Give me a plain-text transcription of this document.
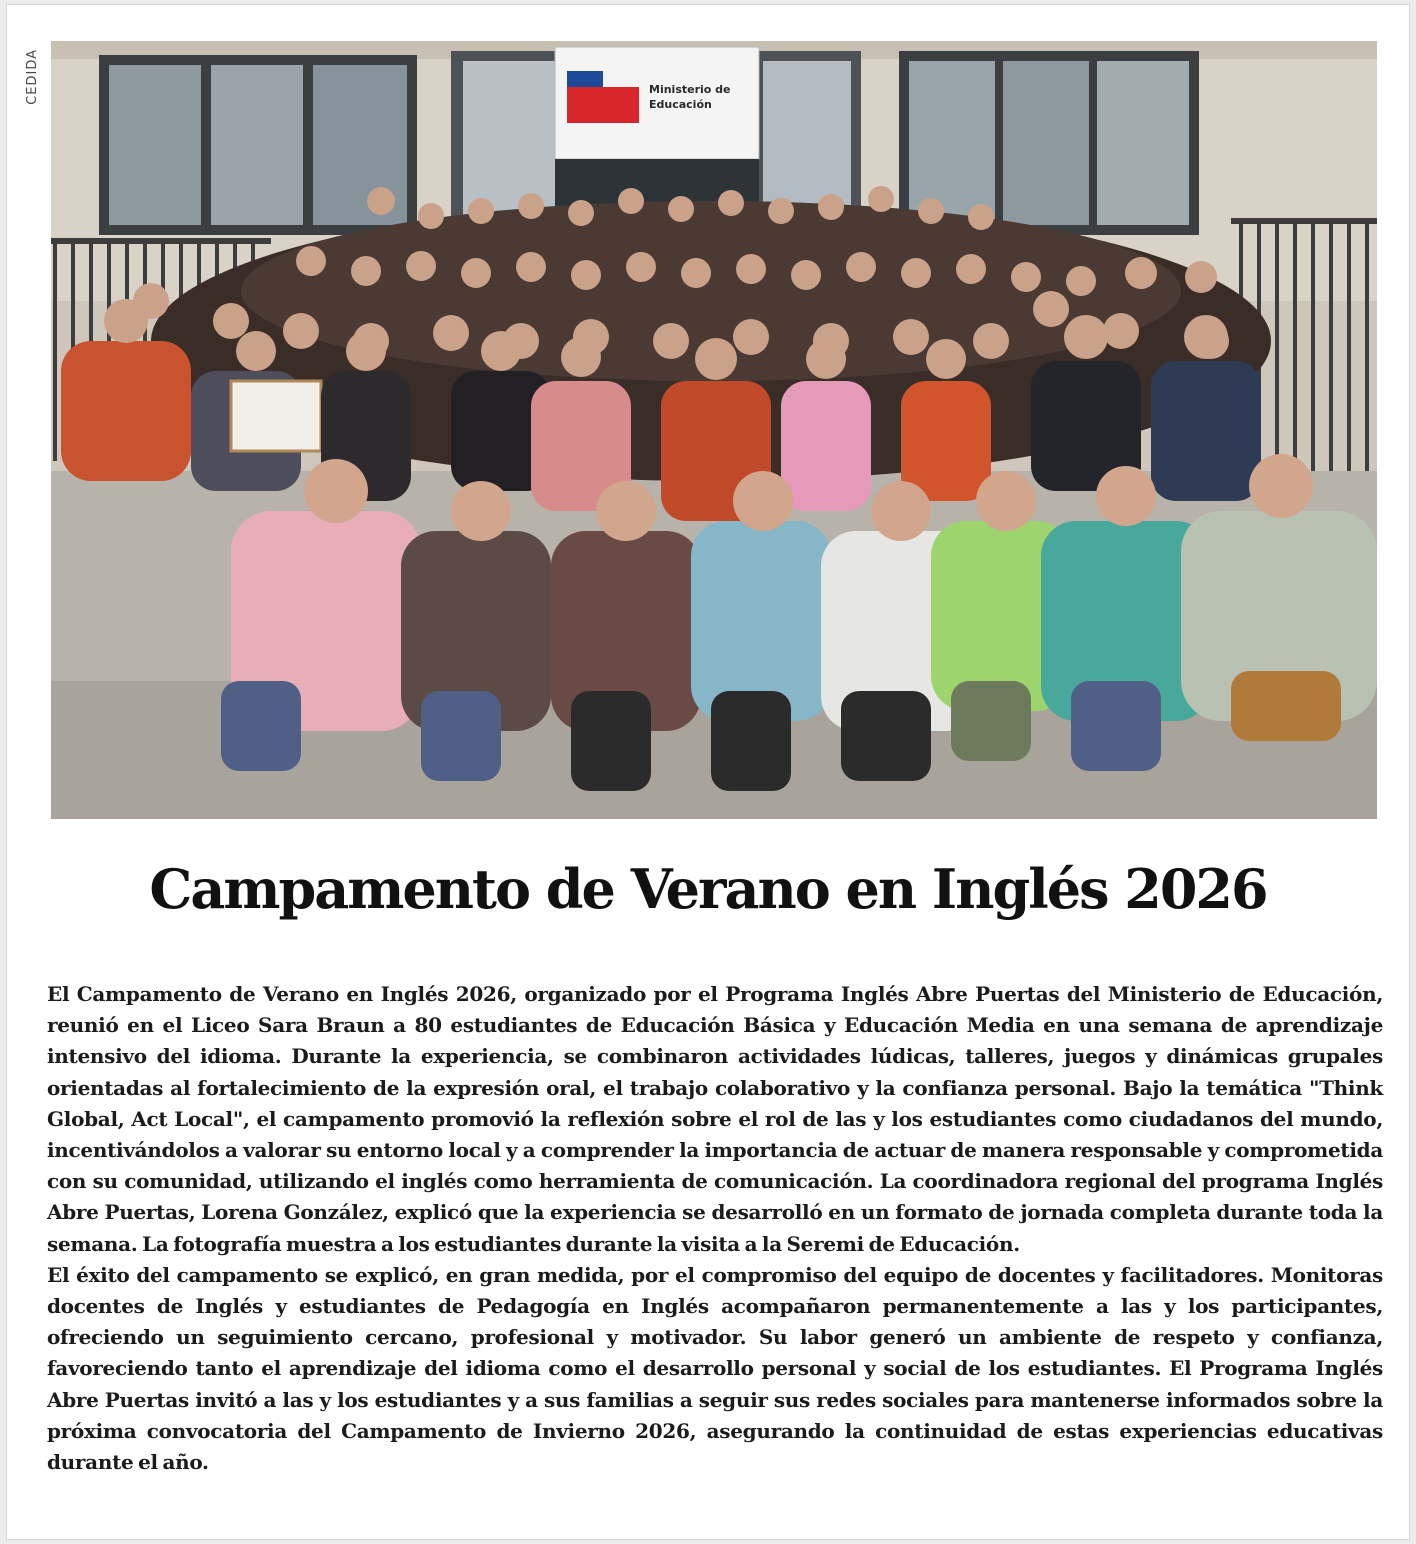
CEDIDA	Ministerio de
Educación
Campamento de Verano en Inglés 2026

El Campamento de Verano en Inglés 2026, organizado por el Programa Inglés Abre Puertas del Ministerio de Educación, reunió en el Liceo Sara Braun a 80 estudiantes de Educación Básica y Educación Media en una semana de aprendizaje intensivo del idioma. Durante la experiencia, se combinaron actividades lúdicas, talleres, juegos y dinámicas grupales orientadas al fortalecimiento de la expresión oral, el trabajo colaborativo y la confianza personal. Bajo la temática "Think Global, Act Local", el campamento promovió la reflexión sobre el rol de las y los estudiantes como ciudadanos del mundo, incentivándolos a valorar su entorno local y a comprender la importancia de actuar de manera responsable y comprometida con su comunidad, utilizando el inglés como herramienta de comunicación. La coordinadora regional del programa Inglés Abre Puertas, Lorena González, explicó que la experiencia se desarrolló en un formato de jornada completa durante toda la semana. La fotografía muestra a los estudiantes durante la visita a la Seremi de Educación.

El éxito del campamento se explicó, en gran medida, por el compromiso del equipo de docentes y facilitadores. Monitoras docentes de Inglés y estudiantes de Pedagogía en Inglés acompañaron permanentemente a las y los participantes, ofreciendo un seguimiento cercano, profesional y motivador. Su labor generó un ambiente de respeto y confianza, favoreciendo tanto el aprendizaje del idioma como el desarrollo personal y social de los estudiantes. El Programa Inglés Abre Puertas invitó a las y los estudiantes y a sus familias a seguir sus redes sociales para mantenerse informados sobre la próxima convocatoria del Campamento de Invierno 2026, asegurando la continuidad de estas experiencias educativas durante el año.
